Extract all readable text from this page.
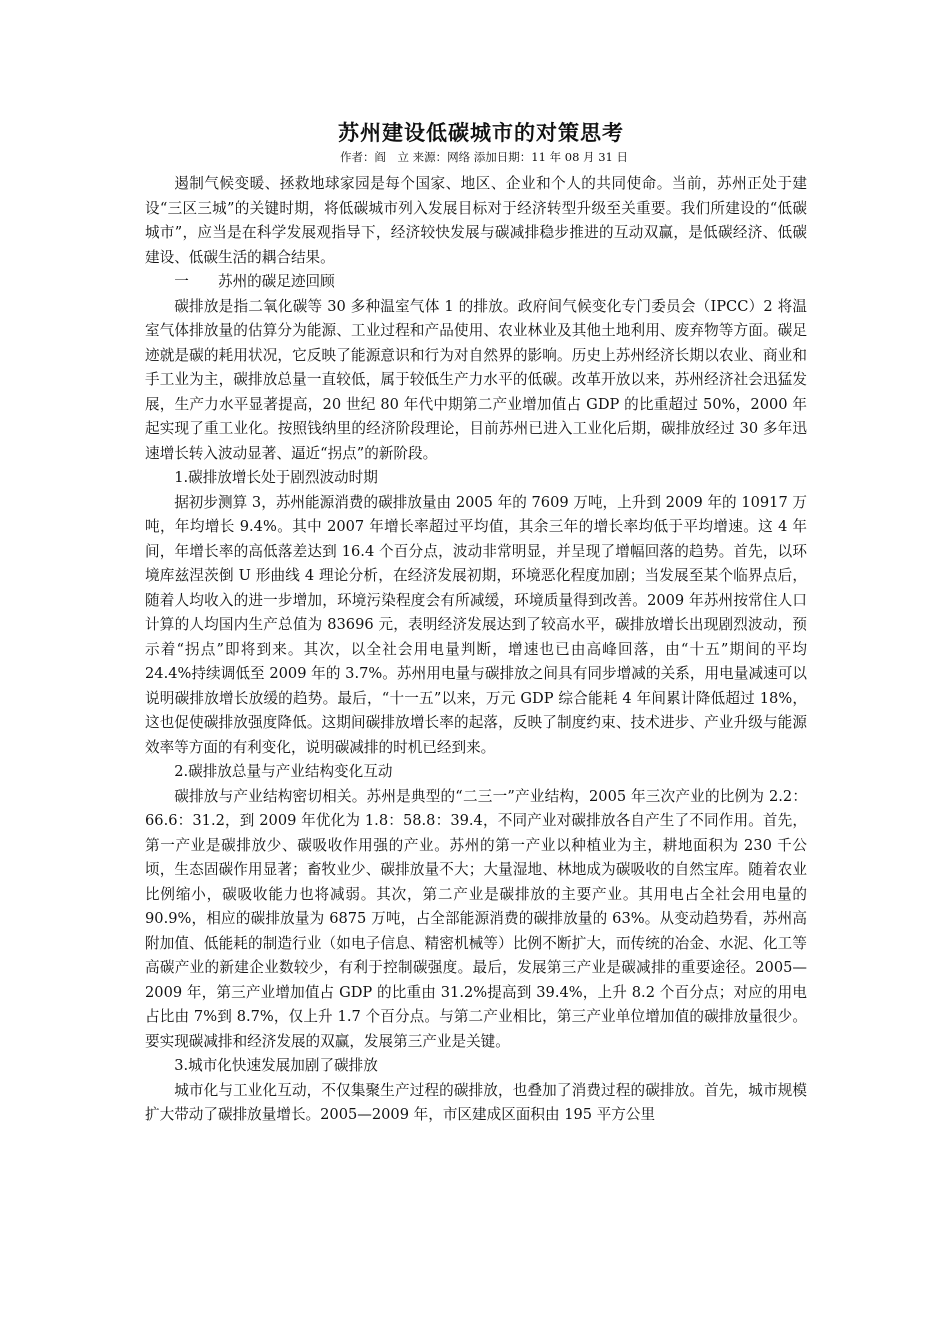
苏州建设低碳城市的对策思考

作者：阎　立 来源：网络 添加日期：11 年 08 月 31 日

遏制气候变暖、拯救地球家园是每个国家、地区、企业和个人的共同使命。当前，苏州正处于建设“三区三城”的关键时期，将低碳城市列入发展目标对于经济转型升级至关重要。我们所建设的“低碳城市”，应当是在科学发展观指导下，经济较快发展与碳减排稳步推进的互动双赢，是低碳经济、低碳建设、低碳生活的耦合结果。

一　　苏州的碳足迹回顾

碳排放是指二氧化碳等 30 多种温室气体 1 的排放。政府间气候变化专门委员会（IPCC）2 将温室气体排放量的估算分为能源、工业过程和产品使用、农业林业及其他土地利用、废弃物等方面。碳足迹就是碳的耗用状况，它反映了能源意识和行为对自然界的影响。历史上苏州经济长期以农业、商业和手工业为主，碳排放总量一直较低，属于较低生产力水平的低碳。改革开放以来，苏州经济社会迅猛发展，生产力水平显著提高，20 世纪 80 年代中期第二产业增加值占 GDP 的比重超过 50%，2000 年起实现了重工业化。按照钱纳里的经济阶段理论，目前苏州已进入工业化后期，碳排放经过 30 多年迅速增长转入波动显著、逼近“拐点”的新阶段。

1.碳排放增长处于剧烈波动时期

据初步测算 3，苏州能源消费的碳排放量由 2005 年的 7609 万吨，上升到 2009 年的 10917 万吨，年均增长 9.4%。其中 2007 年增长率超过平均值，其余三年的增长率均低于平均增速。这 4 年间，年增长率的高低落差达到 16.4 个百分点，波动非常明显，并呈现了增幅回落的趋势。首先，以环境库兹涅茨倒 U 形曲线 4 理论分析，在经济发展初期，环境恶化程度加剧；当发展至某个临界点后，随着人均收入的进一步增加，环境污染程度会有所减缓，环境质量得到改善。2009 年苏州按常住人口计算的人均国内生产总值为 83696 元，表明经济发展达到了较高水平，碳排放增长出现剧烈波动，预示着“拐点”即将到来。其次，以全社会用电量判断，增速也已由高峰回落，由“十五”期间的平均 24.4%持续调低至 2009 年的 3.7%。苏州用电量与碳排放之间具有同步增减的关系，用电量减速可以说明碳排放增长放缓的趋势。最后，“十一五”以来，万元 GDP 综合能耗 4 年间累计降低超过 18%，这也促使碳排放强度降低。这期间碳排放增长率的起落，反映了制度约束、技术进步、产业升级与能源效率等方面的有利变化，说明碳减排的时机已经到来。

2.碳排放总量与产业结构变化互动

碳排放与产业结构密切相关。苏州是典型的“二三一”产业结构，2005 年三次产业的比例为 2.2：66.6：31.2，到 2009 年优化为 1.8：58.8：39.4，不同产业对碳排放各自产生了不同作用。首先，第一产业是碳排放少、碳吸收作用强的产业。苏州的第一产业以种植业为主，耕地面积为 230 千公顷，生态固碳作用显著；畜牧业少、碳排放量不大；大量湿地、林地成为碳吸收的自然宝库。随着农业比例缩小，碳吸收能力也将减弱。其次，第二产业是碳排放的主要产业。其用电占全社会用电量的 90.9%，相应的碳排放量为 6875 万吨，占全部能源消费的碳排放量的 63%。从变动趋势看，苏州高附加值、低能耗的制造行业（如电子信息、精密机械等）比例不断扩大，而传统的冶金、水泥、化工等高碳产业的新建企业数较少，有利于控制碳强度。最后，发展第三产业是碳减排的重要途径。2005—2009 年，第三产业增加值占 GDP 的比重由 31.2%提高到 39.4%，上升 8.2 个百分点；对应的用电占比由 7%到 8.7%，仅上升 1.7 个百分点。与第二产业相比，第三产业单位增加值的碳排放量很少。要实现碳减排和经济发展的双赢，发展第三产业是关键。

3.城市化快速发展加剧了碳排放

城市化与工业化互动，不仅集聚生产过程的碳排放，也叠加了消费过程的碳排放。首先，城市规模扩大带动了碳排放量增长。2005—2009 年，市区建成区面积由 195 平方公里
